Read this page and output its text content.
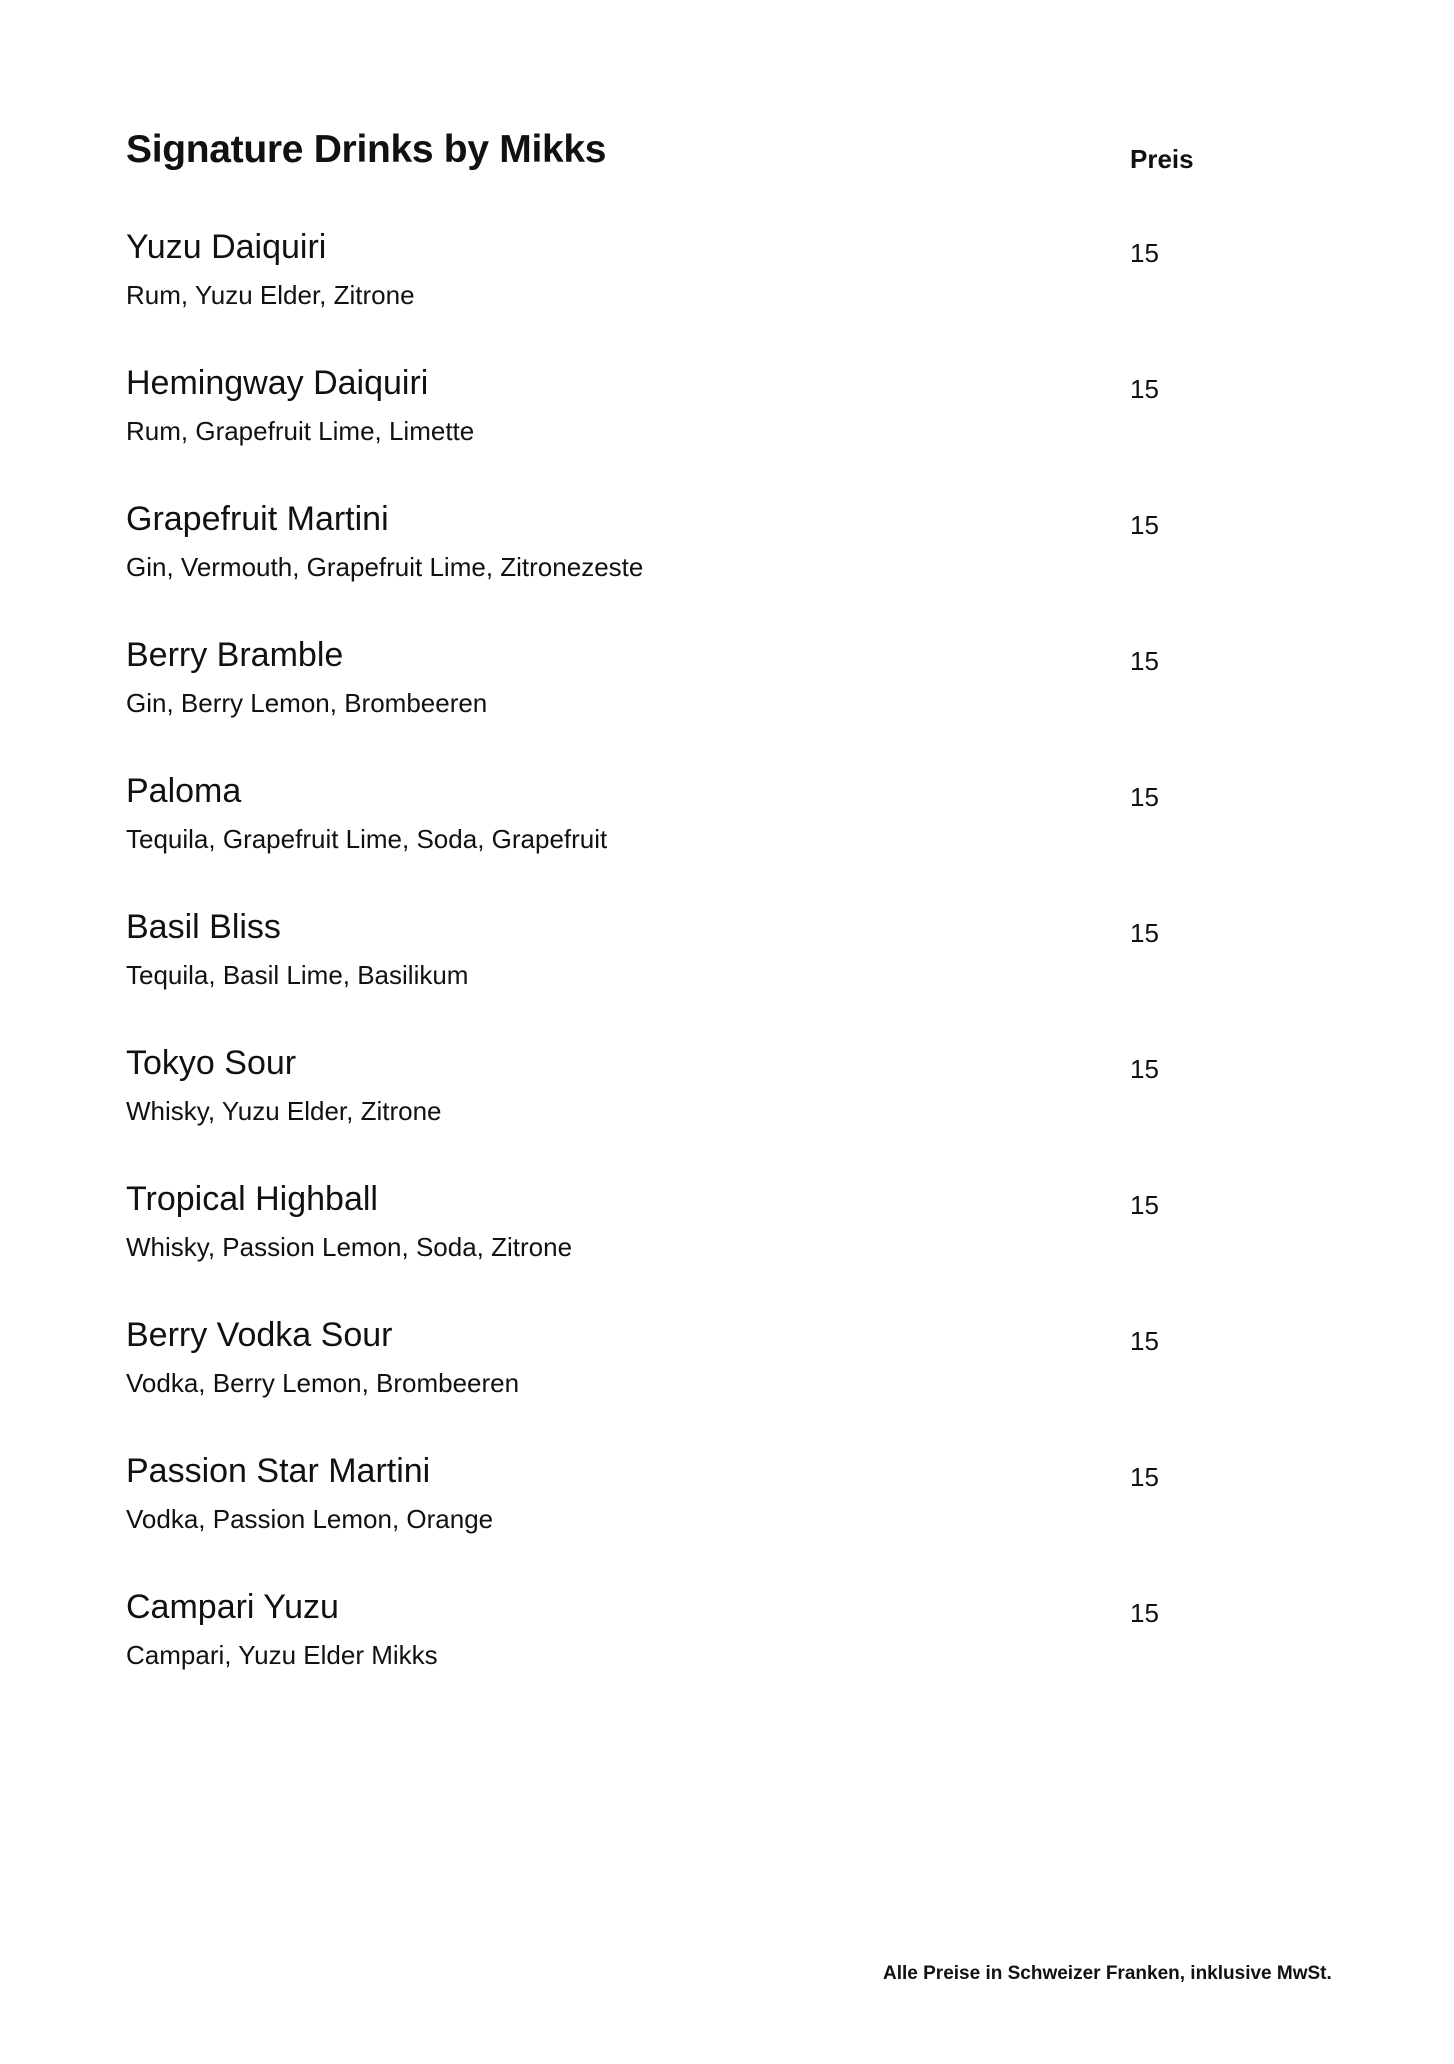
Signature Drinks by Mikks	Preis
Yuzu Daiquiri
Rum, Yuzu Elder, Zitrone
15
Hemingway Daiquiri
Rum, Grapefruit Lime, Limette
15
Grapefruit Martini
Gin, Vermouth, Grapefruit Lime, Zitronezeste
15
Berry Bramble
Gin, Berry Lemon, Brombeeren
15
Paloma
Tequila, Grapefruit Lime, Soda, Grapefruit
15
Basil Bliss
Tequila, Basil Lime, Basilikum
15
Tokyo Sour
Whisky, Yuzu Elder, Zitrone
15
Tropical Highball
Whisky, Passion Lemon, Soda, Zitrone
15
Berry Vodka Sour
Vodka, Berry Lemon, Brombeeren
15
Passion Star Martini
Vodka, Passion Lemon, Orange
15
Campari Yuzu
Campari, Yuzu Elder Mikks
15
Alle Preise in Schweizer Franken, inklusive MwSt.
